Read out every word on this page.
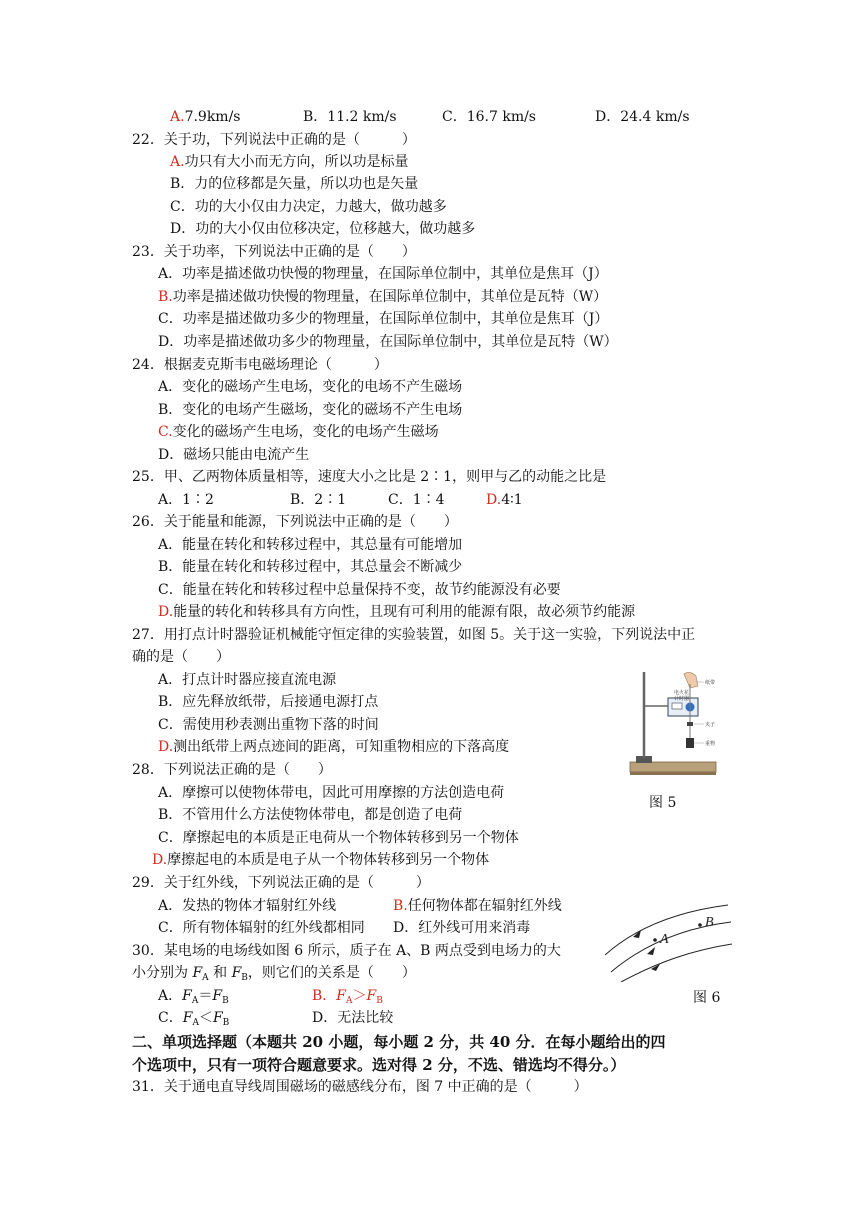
A.7.9km/s	B．11.2 km/s	C．16.7 km/s	D．24.4 km/s
22．关于功，下列说法中正确的是（　　　）
A.功只有大小而无方向，所以功是标量
B．力的位移都是矢量，所以功也是矢量
C．功的大小仅由力决定，力越大，做功越多
D．功的大小仅由位移决定，位移越大，做功越多
23．关于功率，下列说法中正确的是（　　）
A．功率是描述做功快慢的物理量，在国际单位制中，其单位是焦耳（J）
B.功率是描述做功快慢的物理量，在国际单位制中，其单位是瓦特（W）
C．功率是描述做功多少的物理量，在国际单位制中，其单位是焦耳（J）
D．功率是描述做功多少的物理量，在国际单位制中，其单位是瓦特（W）
24．根据麦克斯韦电磁场理论（　　　）
A．变化的磁场产生电场，变化的电场不产生磁场
B．变化的电场产生磁场，变化的磁场不产生电场
C.变化的磁场产生电场，变化的电场产生磁场
D．磁场只能由电流产生
25．甲、乙两物体质量相等，速度大小之比是 2∶1，则甲与乙的动能之比是
A．1∶2	B．2∶1	C．1∶4	D.4∶1
26．关于能量和能源，下列说法中正确的是（　　）
A．能量在转化和转移过程中，其总量有可能增加
B．能量在转化和转移过程中，其总量会不断减少
C．能量在转化和转移过程中总量保持不变，故节约能源没有必要
D.能量的转化和转移具有方向性，且现有可利用的能源有限，故必须节约能源
27．用打点计时器验证机械能守恒定律的实验装置，如图 5。关于这一实验，下列说法中正
确的是（　　）
A．打点计时器应接直流电源
B．应先释放纸带，后接通电源打点
C．需使用秒表测出重物下落的时间
D.测出纸带上两点迹间的距离，可知重物相应的下落高度
电火花
计时器
纸带
夹子
重物
图 5
28．下列说法正确的是（　　）
A．摩擦可以使物体带电，因此可用摩擦的方法创造电荷
B．不管用什么方法使物体带电，都是创造了电荷
C．摩擦起电的本质是正电荷从一个物体转移到另一个物体
D.摩擦起电的本质是电子从一个物体转移到另一个物体
29．关于红外线，下列说法正确的是（　　　）
A．发热的物体才辐射红外线	B.任何物体都在辐射红外线
C．所有物体辐射的红外线都相同 D．红外线可用来消毒
30．某电场的电场线如图 6 所示，质子在 A、B 两点受到电场力的大
小分别为 $F_A$ 和 $F_B$，则它们的关系是（　　）
A．$F_A=F_B$	B．$F_A>F_B$
C．$F_A<F_B$	D．无法比较
A
B
图 6
二、单项选择题（本题共 20 小题，每小题 2 分，共 40 分．在每小题给出的四
个选项中，只有一项符合题意要求。选对得 2 分，不选、错选均不得分。）
31．关于通电直导线周围磁场的磁感线分布，图 7 中正确的是（　　　）
